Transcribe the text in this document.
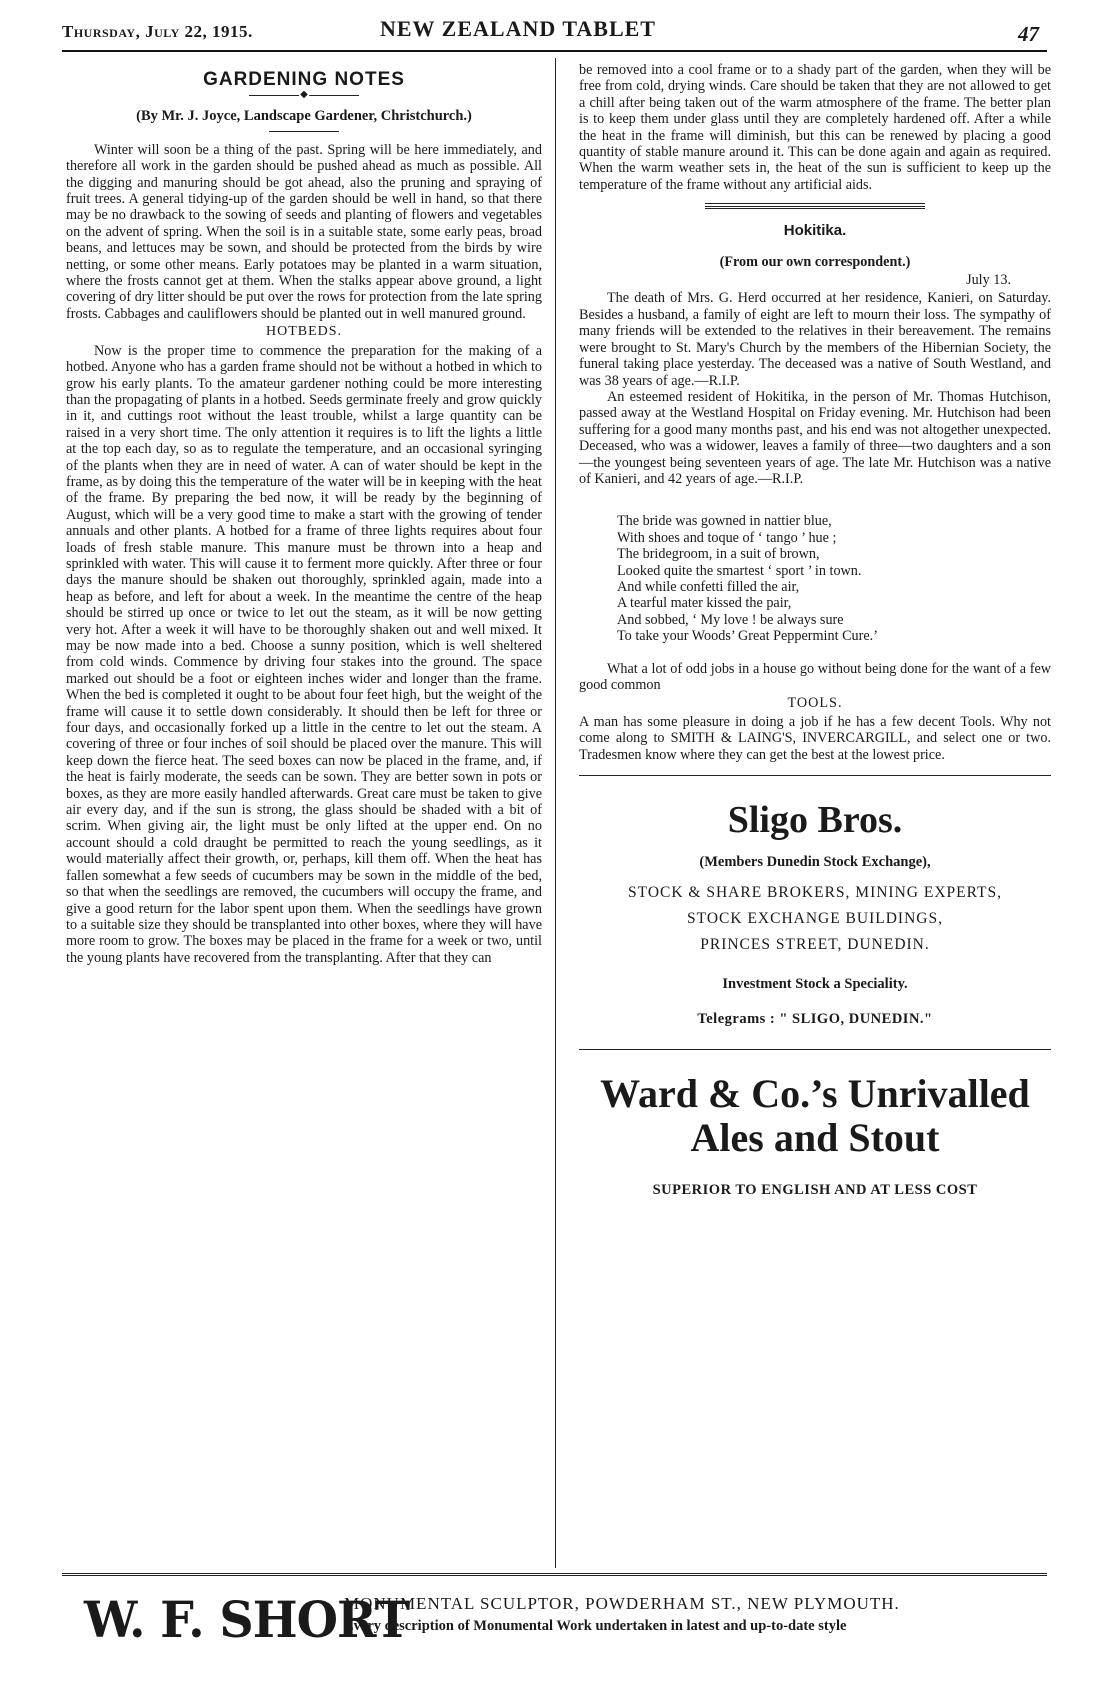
Thursday, July 22, 1915.	NEW ZEALAND TABLET	47
GARDENING NOTES
◆
(By Mr. J. Joyce, Landscape Gardener, Christchurch.)

Winter will soon be a thing of the past. Spring will be here immediately, and therefore all work in the garden should be pushed ahead as much as possible. All the digging and manuring should be got ahead, also the pruning and spraying of fruit trees. A general tidying-up of the garden should be well in hand, so that there may be no drawback to the sowing of seeds and planting of flowers and vegetables on the advent of spring. When the soil is in a suitable state, some early peas, broad beans, and lettuces may be sown, and should be protected from the birds by wire netting, or some other means. Early potatoes may be planted in a warm situation, where the frosts cannot get at them. When the stalks appear above ground, a light covering of dry litter should be put over the rows for protection from the late spring frosts. Cabbages and cauliflowers should be planted out in well manured ground.

HOTBEDS.

Now is the proper time to commence the preparation for the making of a hotbed. Anyone who has a garden frame should not be without a hotbed in which to grow his early plants. To the amateur gardener nothing could be more interesting than the propagating of plants in a hotbed. Seeds germinate freely and grow quickly in it, and cuttings root without the least trouble, whilst a large quantity can be raised in a very short time. The only attention it requires is to lift the lights a little at the top each day, so as to regulate the temperature, and an occasional syringing of the plants when they are in need of water. A can of water should be kept in the frame, as by doing this the temperature of the water will be in keeping with the heat of the frame. By preparing the bed now, it will be ready by the beginning of August, which will be a very good time to make a start with the growing of tender annuals and other plants. A hotbed for a frame of three lights requires about four loads of fresh stable manure. This manure must be thrown into a heap and sprinkled with water. This will cause it to ferment more quickly. After three or four days the manure should be shaken out thoroughly, sprinkled again, made into a heap as before, and left for about a week. In the meantime the centre of the heap should be stirred up once or twice to let out the steam, as it will be now getting very hot. After a week it will have to be thoroughly shaken out and well mixed. It may be now made into a bed. Choose a sunny position, which is well sheltered from cold winds. Commence by driving four stakes into the ground. The space marked out should be a foot or eighteen inches wider and longer than the frame. When the bed is completed it ought to be about four feet high, but the weight of the frame will cause it to settle down considerably. It should then be left for three or four days, and occasionally forked up a little in the centre to let out the steam. A covering of three or four inches of soil should be placed over the manure. This will keep down the fierce heat. The seed boxes can now be placed in the frame, and, if the heat is fairly moderate, the seeds can be sown. They are better sown in pots or boxes, as they are more easily handled afterwards. Great care must be taken to give air every day, and if the sun is strong, the glass should be shaded with a bit of scrim. When giving air, the light must be only lifted at the upper end. On no account should a cold draught be permitted to reach the young seedlings, as it would materially affect their growth, or, perhaps, kill them off. When the heat has fallen somewhat a few seeds of cucumbers may be sown in the middle of the bed, so that when the seedlings are removed, the cucumbers will occupy the frame, and give a good return for the labor spent upon them. When the seedlings have grown to a suitable size they should be transplanted into other boxes, where they will have more room to grow. The boxes may be placed in the frame for a week or two, until the young plants have recovered from the transplanting. After that they can

be removed into a cool frame or to a shady part of the garden, when they will be free from cold, drying winds. Care should be taken that they are not allowed to get a chill after being taken out of the warm atmosphere of the frame. The better plan is to keep them under glass until they are completely hardened off. After a while the heat in the frame will diminish, but this can be renewed by placing a good quantity of stable manure around it. This can be done again and again as required. When the warm weather sets in, the heat of the sun is sufficient to keep up the temperature of the frame without any artificial aids.

Hokitika.
(From our own correspondent.)
July 13.

The death of Mrs. G. Herd occurred at her residence, Kanieri, on Saturday. Besides a husband, a family of eight are left to mourn their loss. The sympathy of many friends will be extended to the relatives in their bereavement. The remains were brought to St. Mary's Church by the members of the Hibernian Society, the funeral taking place yesterday. The deceased was a native of South Westland, and was 38 years of age.—R.I.P.

An esteemed resident of Hokitika, in the person of Mr. Thomas Hutchison, passed away at the Westland Hospital on Friday evening. Mr. Hutchison had been suffering for a good many months past, and his end was not altogether unexpected. Deceased, who was a widower, leaves a family of three—two daughters and a son—the youngest being seventeen years of age. The late Mr. Hutchison was a native of Kanieri, and 42 years of age.—R.I.P.

The bride was gowned in nattier blue,
With shoes and toque of ‘ tango ’ hue ;
The bridegroom, in a suit of brown,
Looked quite the smartest ‘ sport ’ in town.
And while confetti filled the air,
A tearful mater kissed the pair,
And sobbed, ‘ My love ! be always sure
To take your Woods’ Great Peppermint Cure.’

What a lot of odd jobs in a house go without being done for the want of a few good common

TOOLS.

A man has some pleasure in doing a job if he has a few decent Tools. Why not come along to SMITH & LAING'S, INVERCARGILL, and select one or two. Tradesmen know where they can get the best at the lowest price.

Sligo Bros.
(Members Dunedin Stock Exchange),
STOCK & SHARE BROKERS, MINING EXPERTS,
STOCK EXCHANGE BUILDINGS,
PRINCES STREET, DUNEDIN.
Investment Stock a Speciality.
Telegrams : " SLIGO, DUNEDIN."
Ward & Co.’s Unrivalled
Ales and Stout
SUPERIOR TO ENGLISH AND AT LESS COST
W. F. SHORT
MONUMENTAL SCULPTOR, POWDERHAM ST., NEW PLYMOUTH.
Every description of Monumental Work undertaken in latest and up-to-date style
